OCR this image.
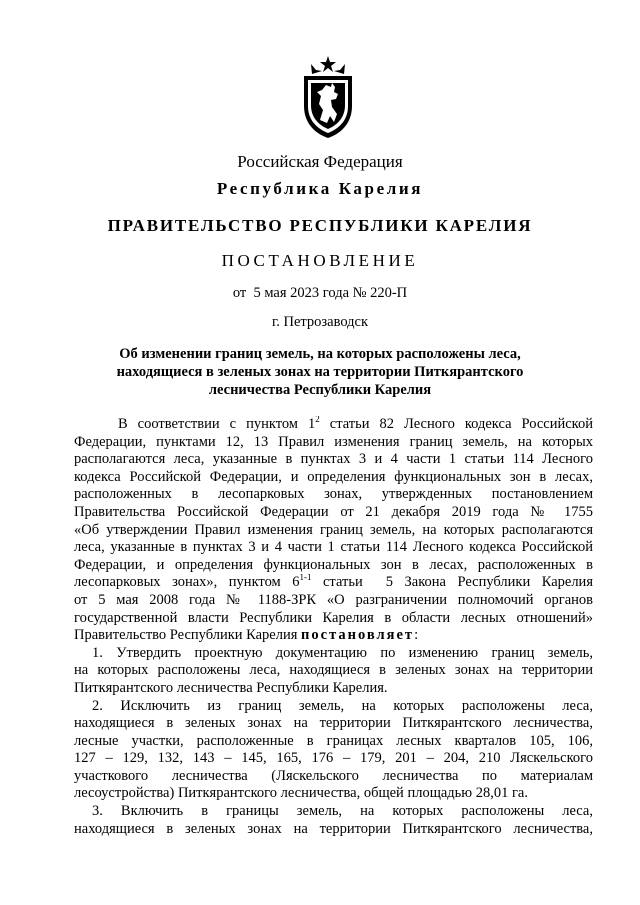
Российская Федерация
Республика Карелия
ПРАВИТЕЛЬСТВО РЕСПУБЛИКИ КАРЕЛИЯ
ПОСТАНОВЛЕНИЕ
от  5 мая 2023 года № 220-П
г. Петрозаводск
Об изменении границ земель, на которых расположены леса,
находящиеся в зеленых зонах на территории Питкярантского
лесничества Республики Карелия
В соответствии с пунктом $1^2$ статьи 82 Лесного кодекса Российской
Федерации, пунктами 12, 13 Правил изменения границ земель, на которых
располагаются леса, указанные в пунктах 3 и 4 части 1 статьи 114 Лесного
кодекса Российской Федерации, и определения функциональных зон в лесах,
расположенных в лесопарковых зонах, утвержденных постановлением
Правительства Российской Федерации от 21 декабря 2019 года № 1755
«Об утверждении Правил изменения границ земель, на которых располагаются
леса, указанные в пунктах 3 и 4 части 1 статьи 114 Лесного кодекса Российской
Федерации, и определения функциональных зон в лесах, расположенных в
лесопарковых зонах», пунктом 6$^{1-1}$ статьи  5 Закона Республики Карелия
от 5 мая 2008 года № 1188-ЗРК «О разграничении полномочий органов
государственной власти Республики Карелия в области лесных отношений»
Правительство Республики Карелия постановляет:
1. Утвердить проектную документацию по изменению границ земель,
на которых расположены леса, находящиеся в зеленых зонах на территории
Питкярантского лесничества Республики Карелия.
2. Исключить из границ земель, на которых расположены леса,
находящиеся в зеленых зонах на территории Питкярантского лесничества,
лесные участки, расположенные в границах лесных кварталов 105, 106,
127 – 129, 132, 143 – 145, 165, 176 – 179, 201 – 204, 210 Ляскельского
участкового лесничества (Ляскельского лесничества по материалам
лесоустройства) Питкярантского лесничества, общей площадью 28,01 га.
3. Включить в границы земель, на которых расположены леса,
находящиеся в зеленых зонах на территории Питкярантского лесничества,
